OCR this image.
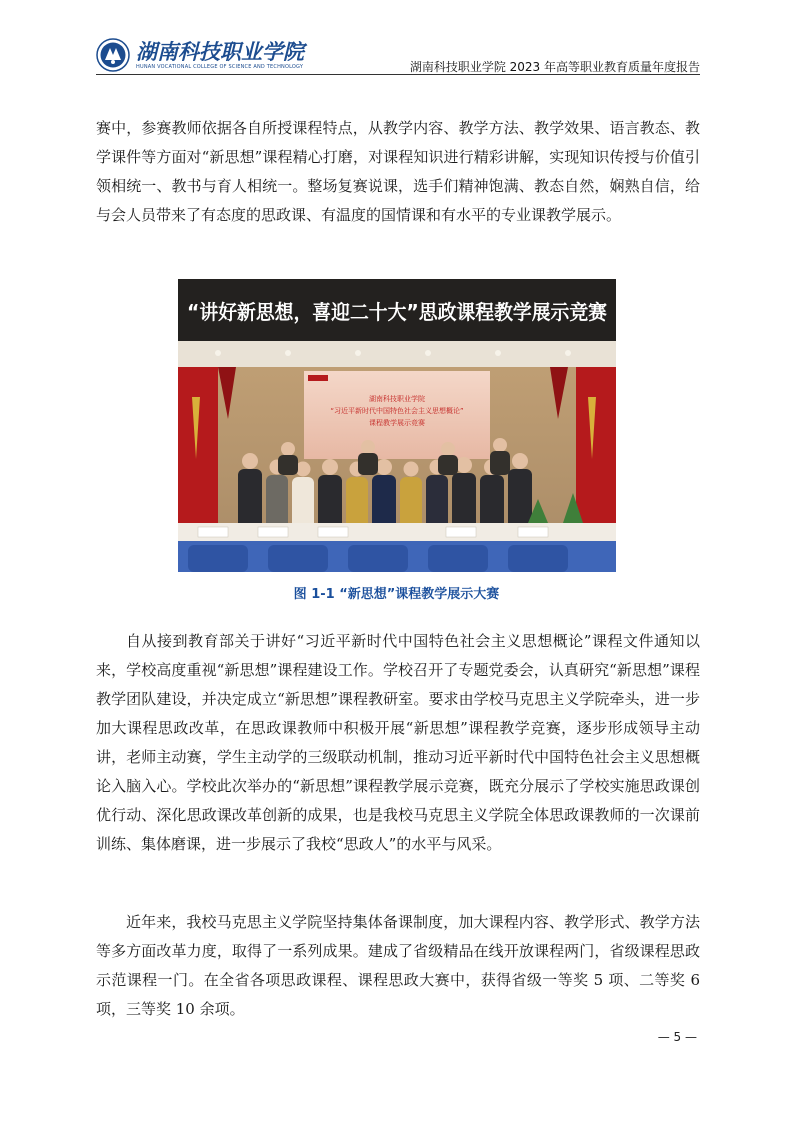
湖南科技职业学院
HUNAN VOCATIONAL COLLEGE OF SCIENCE AND TECHNOLOGY	湖南科技职业学院 2023 年高等职业教育质量年度报告

赛中，参赛教师依据各自所授课程特点，从教学内容、教学方法、教学效果、语言教态、教学课件等方面对“新思想”课程精心打磨，对课程知识进行精彩讲解，实现知识传授与价值引领相统一、教书与育人相统一。整场复赛说课，选手们精神饱满、教态自然，娴熟自信，给与会人员带来了有态度的思政课、有温度的国情课和有水平的专业课教学展示。

“讲好新思想，喜迎二十大”思政课程教学展示竞赛
湖南科技职业学院
“习近平新时代中国特色社会主义思想概论”
课程教学展示竞赛
图 1-1 “新思想”课程教学展示大赛

自从接到教育部关于讲好“习近平新时代中国特色社会主义思想概论”课程文件通知以来，学校高度重视“新思想”课程建设工作。学校召开了专题党委会，认真研究“新思想”课程教学团队建设，并决定成立“新思想”课程教研室。要求由学校马克思主义学院牵头，进一步加大课程思政改革，在思政课教师中积极开展“新思想”课程教学竞赛，逐步形成领导主动讲，老师主动赛，学生主动学的三级联动机制，推动习近平新时代中国特色社会主义思想概论入脑入心。学校此次举办的“新思想”课程教学展示竞赛，既充分展示了学校实施思政课创优行动、深化思政课改革创新的成果，也是我校马克思主义学院全体思政课教师的一次课前训练、集体磨课，进一步展示了我校“思政人”的水平与风采。

近年来，我校马克思主义学院坚持集体备课制度，加大课程内容、教学形式、教学方法等多方面改革力度，取得了一系列成果。建成了省级精品在线开放课程两门，省级课程思政示范课程一门。在全省各项思政课程、课程思政大赛中，获得省级一等奖 5 项、二等奖 6 项，三等奖 10 余项。

— 5 —
